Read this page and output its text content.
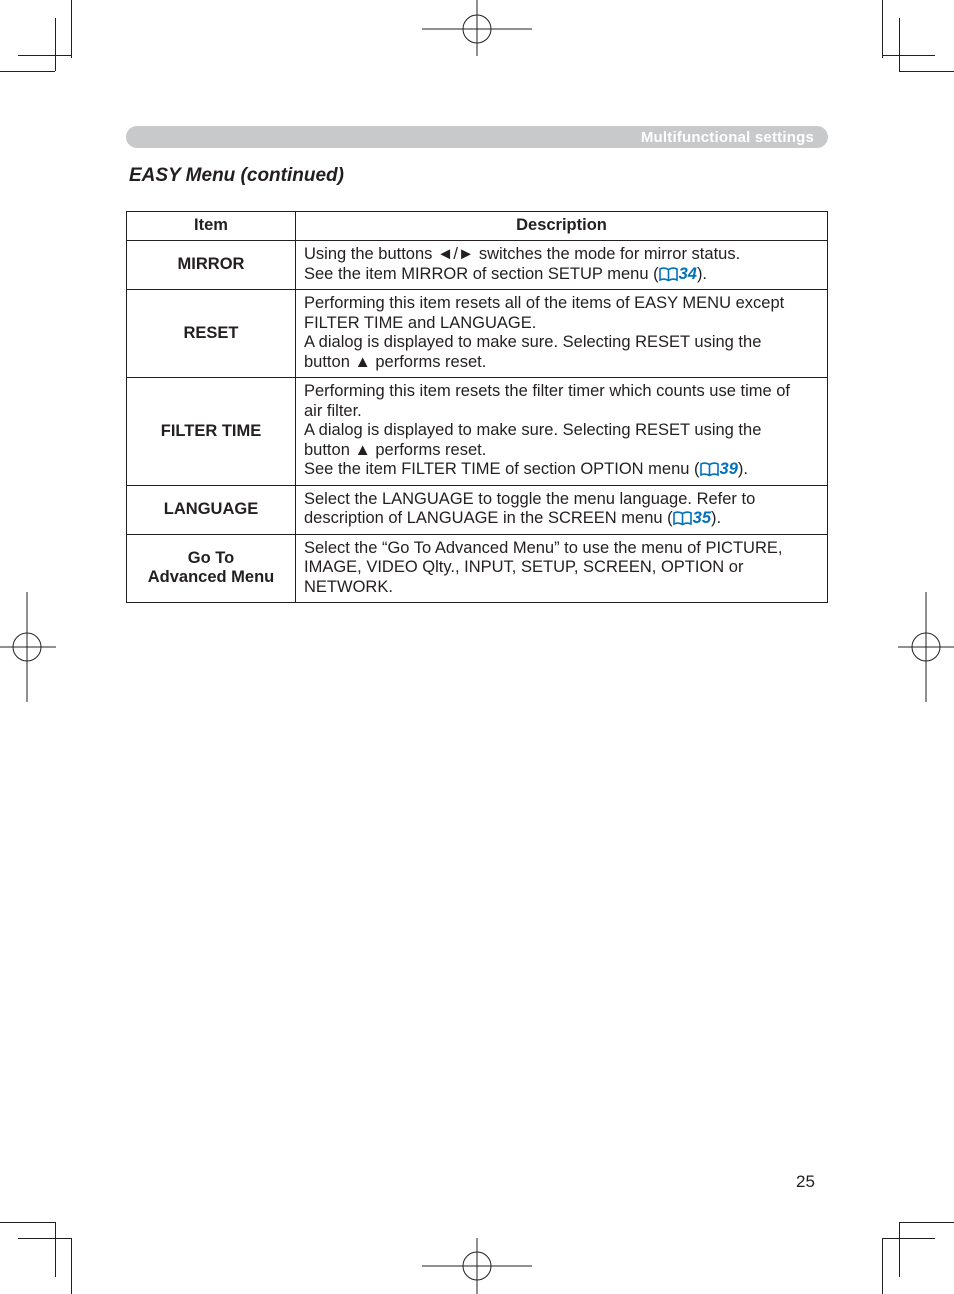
Multifunctional settings
EASY Menu (continued)
Item	Description
MIRROR	Using the buttons ◄/► switches the mode for mirror status.
See the item MIRROR of section SETUP menu ( 34).

RESET	Performing this item resets all of the items of EASY MENU except
FILTER TIME and LANGUAGE.
A dialog is displayed to make sure. Selecting RESET using the
button ▲ performs reset.

FILTER TIME	Performing this item resets the filter timer which counts use time of
air filter.
A dialog is displayed to make sure. Selecting RESET using the
button ▲ performs reset.
See the item FILTER TIME of section OPTION menu ( 39).

LANGUAGE	Select the LANGUAGE to toggle the menu language. Refer to
description of LANGUAGE in the SCREEN menu ( 35).

Go To
Advanced Menu	Select the “Go To Advanced Menu” to use the menu of PICTURE,
IMAGE, VIDEO Qlty., INPUT, SETUP, SCREEN, OPTION or
NETWORK.
25
